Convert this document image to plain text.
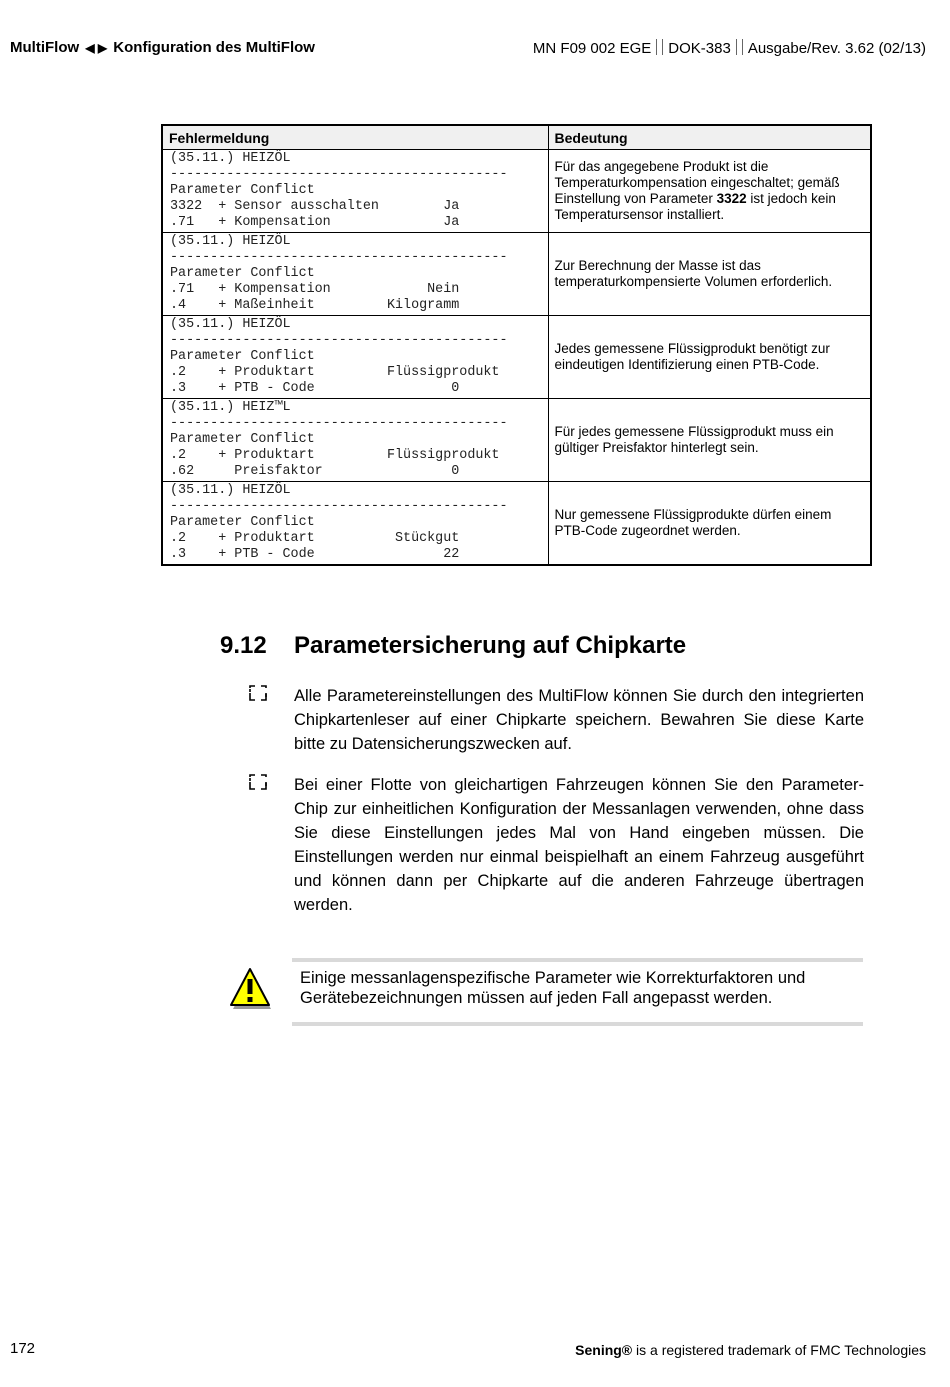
MultiFlow ◀ ▶ Konfiguration des MultiFlow	MN F09 002 EGE DOK-383 Ausgabe/Rev. 3.62 (02/13)
Fehlermeldung	Bedeutung

(35.11.) HEIZÖL
------------------------------------------
Parameter Conflict
3322  + Sensor ausschalten        Ja
.71   + Kompensation              Ja	Für das angegebene Produkt ist die Temperaturkompensation eingeschaltet; gemäß Einstellung von Parameter 3322 ist jedoch kein Temperatursensor installiert.

(35.11.) HEIZÖL
------------------------------------------
Parameter Conflict
.71   + Kompensation            Nein
.4    + Maßeinheit         Kilogramm	Zur Berechnung der Masse ist das temperaturkompensierte Volumen erforderlich.

(35.11.) HEIZÖL
------------------------------------------
Parameter Conflict
.2    + Produktart         Flüssigprodukt
.3    + PTB - Code                 0	Jedes gemessene Flüssigprodukt benötigt zur eindeutigen Identifizierung einen PTB-Code.

(35.11.) HEIZ™L
------------------------------------------
Parameter Conflict
.2    + Produktart         Flüssigprodukt
.62     Preisfaktor                0	Für jedes gemessene Flüssigprodukt muss ein gültiger Preisfaktor hinterlegt sein.

(35.11.) HEIZÖL
------------------------------------------
Parameter Conflict
.2    + Produktart          Stückgut
.3    + PTB - Code                22	Nur gemessene Flüssigprodukte dürfen einem PTB-Code zugeordnet werden.
9.12 Parametersicherung auf Chipkarte
Alle Parametereinstellungen des MultiFlow können Sie durch den integrierten Chipkartenleser auf einer Chipkarte speichern. Bewahren Sie diese Karte bitte zu Datensicherungszwecken auf.
Bei einer Flotte von gleichartigen Fahrzeugen können Sie den Parameter-Chip zur einheitlichen Konfiguration der Messanlagen verwenden, ohne dass Sie diese Einstellungen jedes Mal von Hand eingeben müssen. Die Einstellungen werden nur einmal beispielhaft an einem Fahrzeug ausgeführt und können dann per Chipkarte auf die anderen Fahrzeuge übertragen werden.
Einige messanlagenspezifische Parameter wie Korrekturfaktoren und Gerätebezeichnungen müssen auf jeden Fall angepasst werden.
172	Sening® is a registered trademark of FMC Technologies
